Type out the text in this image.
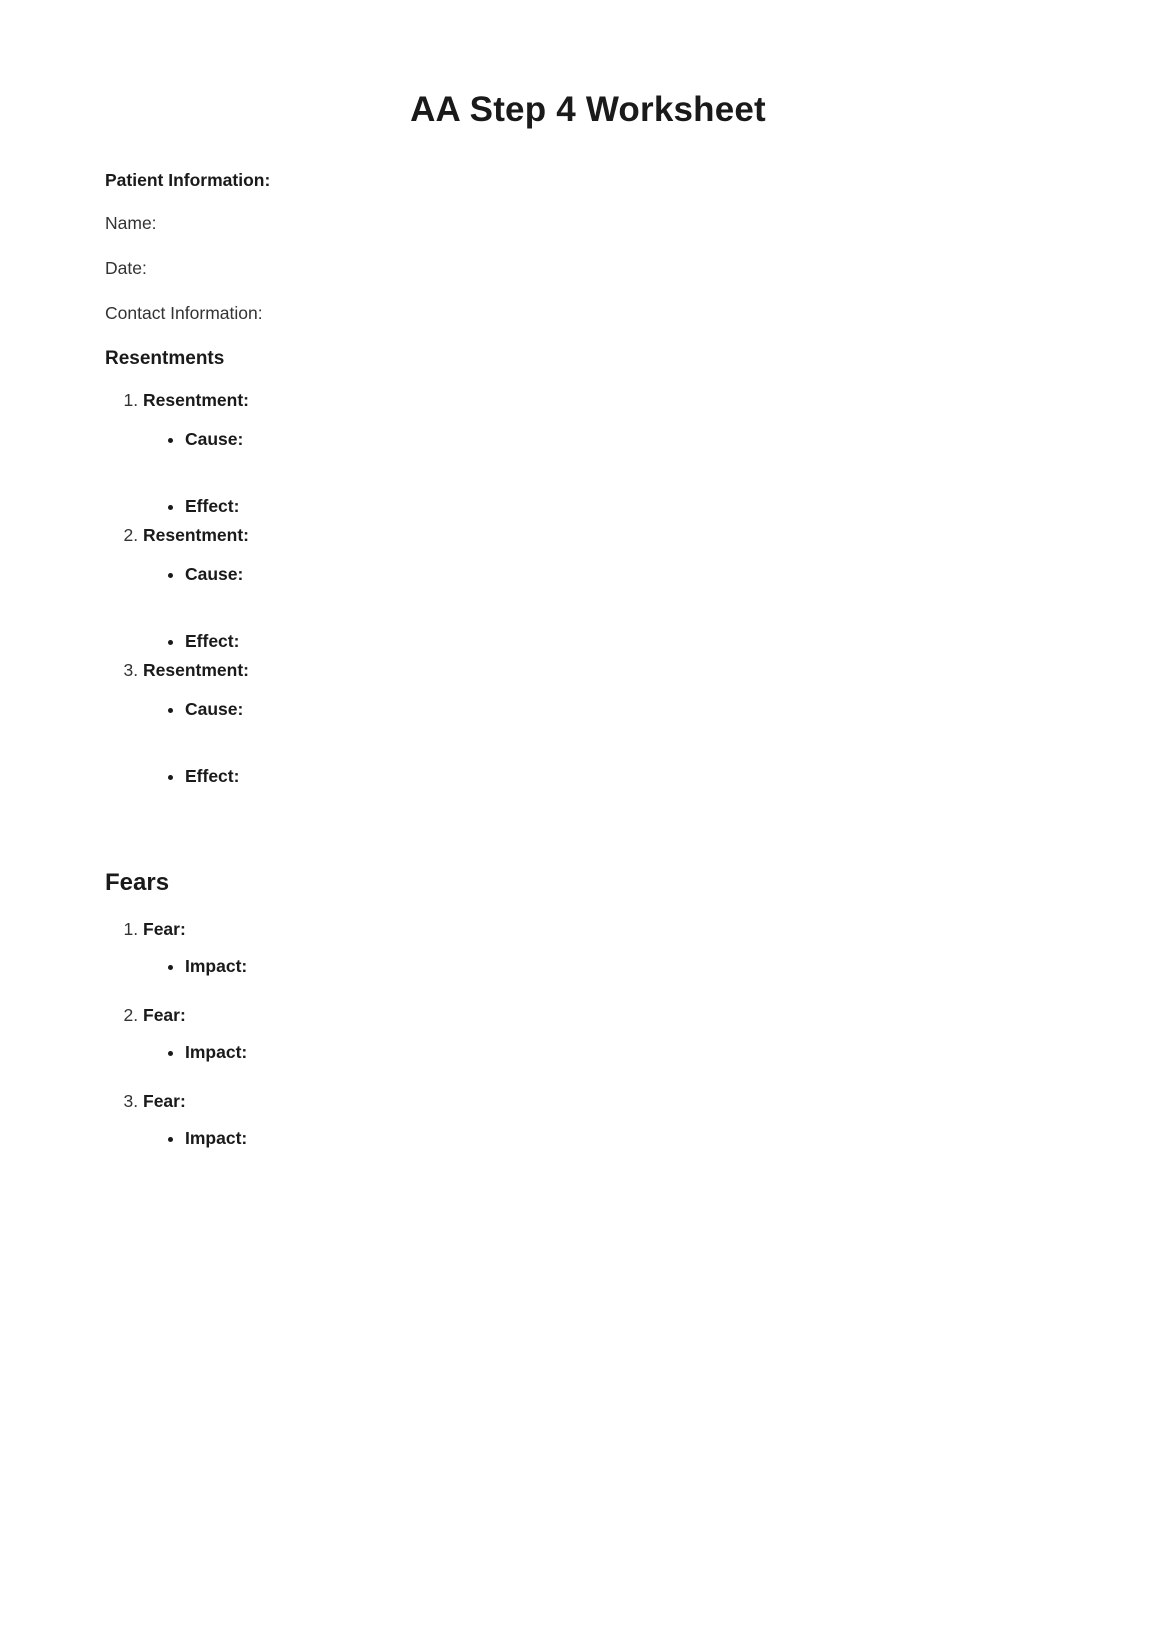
AA Step 4 Worksheet
Patient Information:
Name:
Date:
Contact Information:
Resentments
1. Resentment:
• Cause:
• Effect:
2. Resentment:
• Cause:
• Effect:
3. Resentment:
• Cause:
• Effect:
Fears
1. Fear:
• Impact:
2. Fear:
• Impact:
3. Fear:
• Impact:
